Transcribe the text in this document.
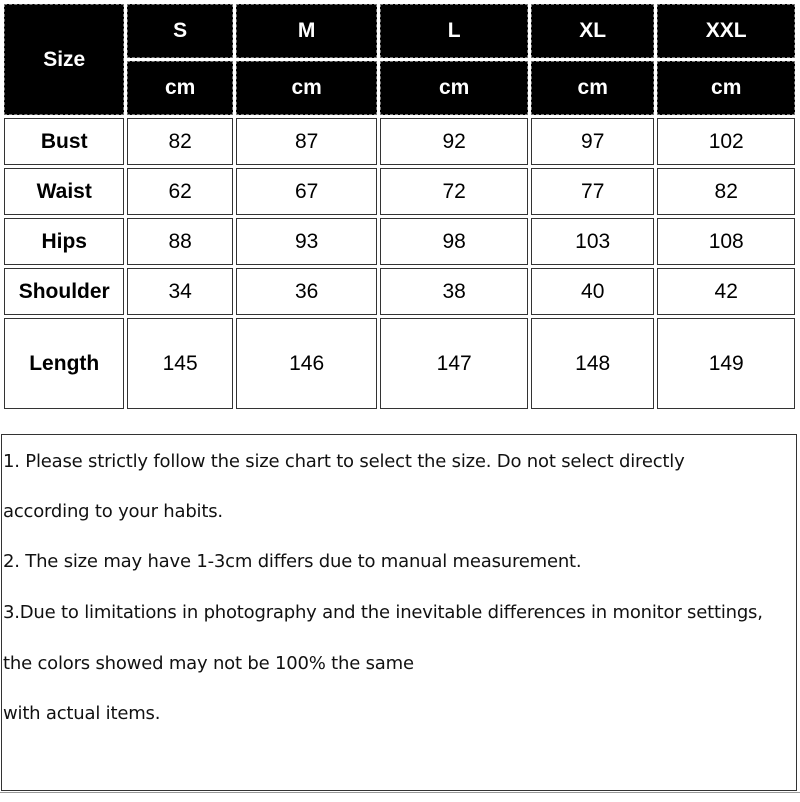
Size	S	M	L	XL	XXL
	cm	cm	cm	cm	cm
Bust	82	87	92	97	102
Waist	62	67	72	77	82
Hips	88	93	98	103	108
Shoulder	34	36	38	40	42
Length	145	146	147	148	149
1. Please strictly follow the size chart to select the size. Do not select directly
according to your habits.
2. The size may have 1-3cm differs due to manual measurement.
3.Due to limitations in photography and the inevitable differences in monitor settings,
the colors showed may not be 100% the same
with actual items.
